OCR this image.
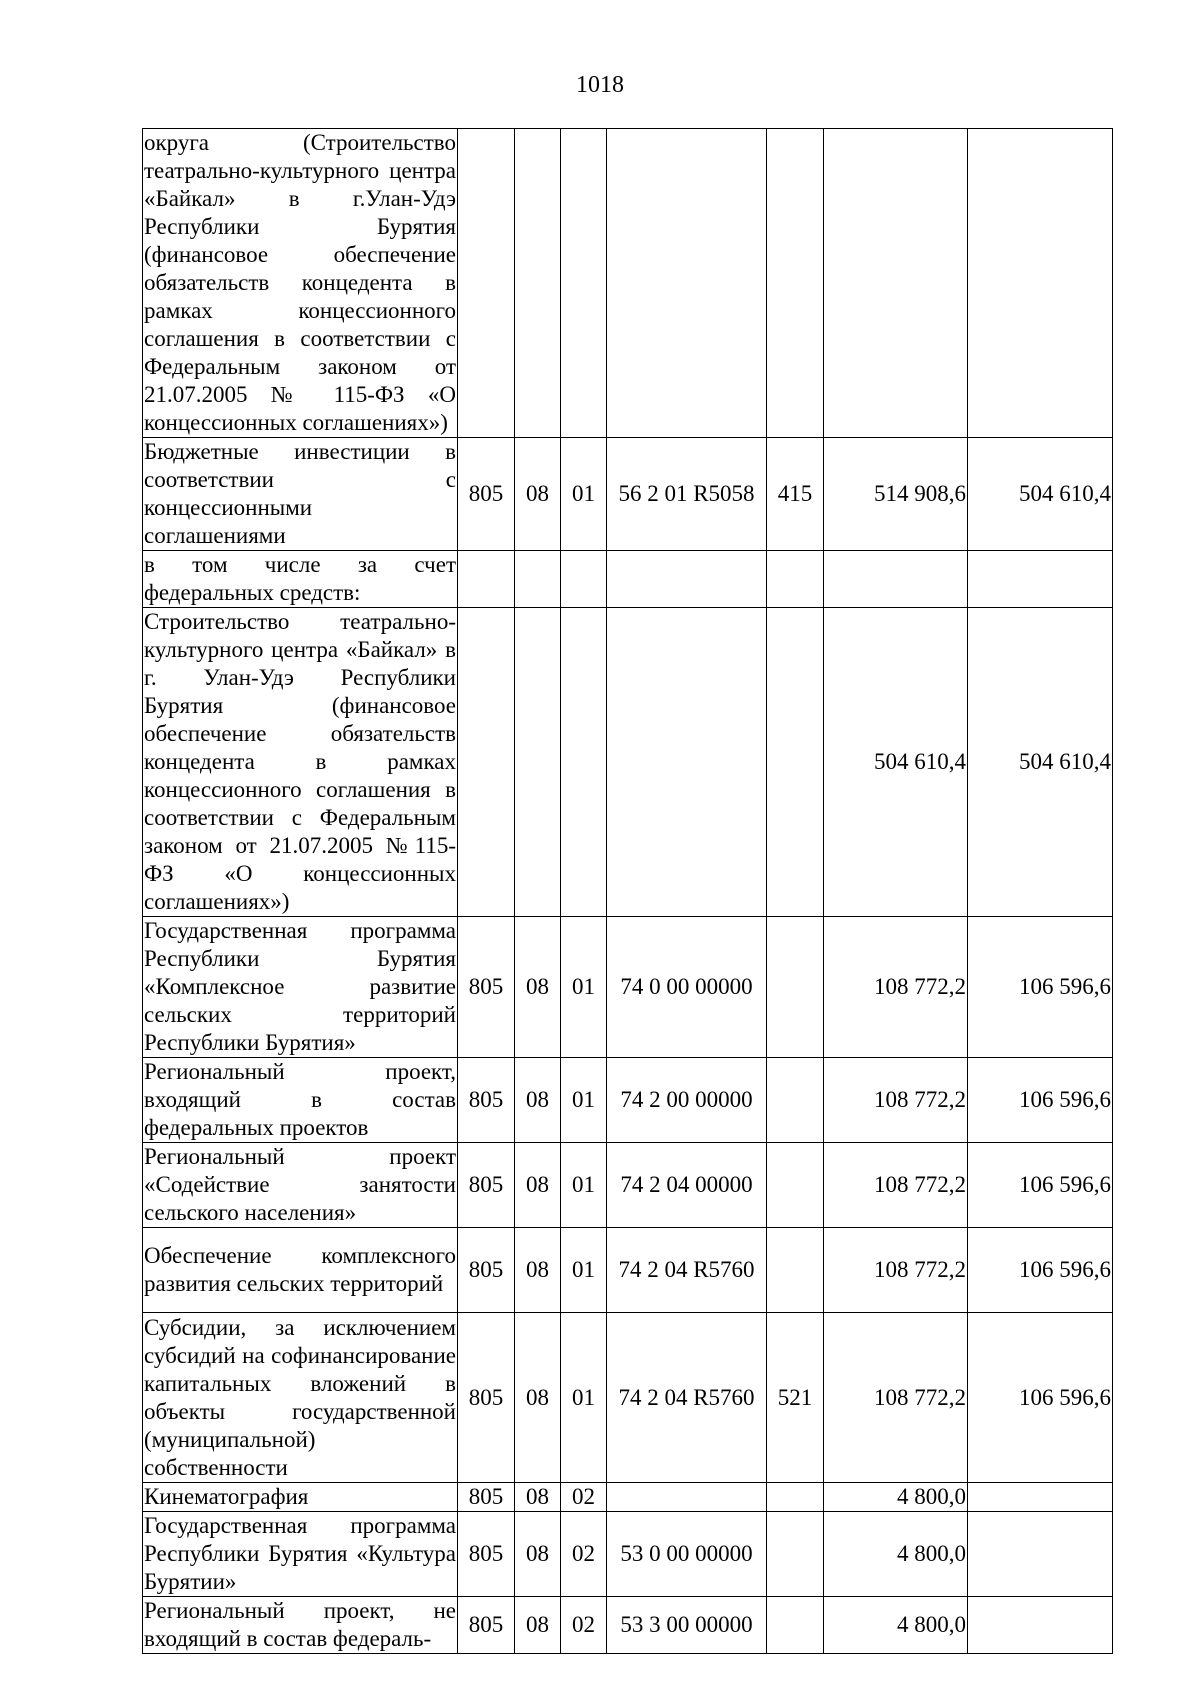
1018
округа (Строительство театрально-культурного центра «Байкал» в г.Улан-Удэ Республики Бурятия (финансовое обеспечение обязательств концедента в рамках концессионного соглашения в соответствии с Федеральным законом от 21.07.2005 № 115-ФЗ «О концессионных соглашениях»)							
Бюджетные инвестиции в соответствии с концессионными соглашениями	805	08	01	56 2 01 R5058	415	514 908,6	504 610,4
в том числе за счет федеральных средств:							
Строительство театрально-культурного центра «Байкал» в г. Улан-Удэ Республики Бурятия (финансовое обеспечение обязательств концедента в рамках концессионного соглашения в соответствии с Федеральным законом от 21.07.2005 №115-ФЗ «О концессионных соглашениях»)						504 610,4	504 610,4
Государственная программа Республики Бурятия «Комплексное развитие сельских территорий Республики Бурятия»	805	08	01	74 0 00 00000		108 772,2	106 596,6
Региональный проект, входящий в состав федеральных проектов	805	08	01	74 2 00 00000		108 772,2	106 596,6
Региональный проект «Содействие занятости сельского населения»	805	08	01	74 2 04 00000		108 772,2	106 596,6
Обеспечение комплексного развития сельских территорий	805	08	01	74 2 04 R5760		108 772,2	106 596,6
Субсидии, за исключением субсидий на софинансирование капитальных вложений в объекты государственной (муниципальной) собственности	805	08	01	74 2 04 R5760	521	108 772,2	106 596,6
Кинематография	805	08	02			4 800,0	
Государственная программа Республики Бурятия «Культура Бурятии»	805	08	02	53 0 00 00000		4 800,0	
Региональный проект, не входящий в состав федераль-	805	08	02	53 3 00 00000		4 800,0	
